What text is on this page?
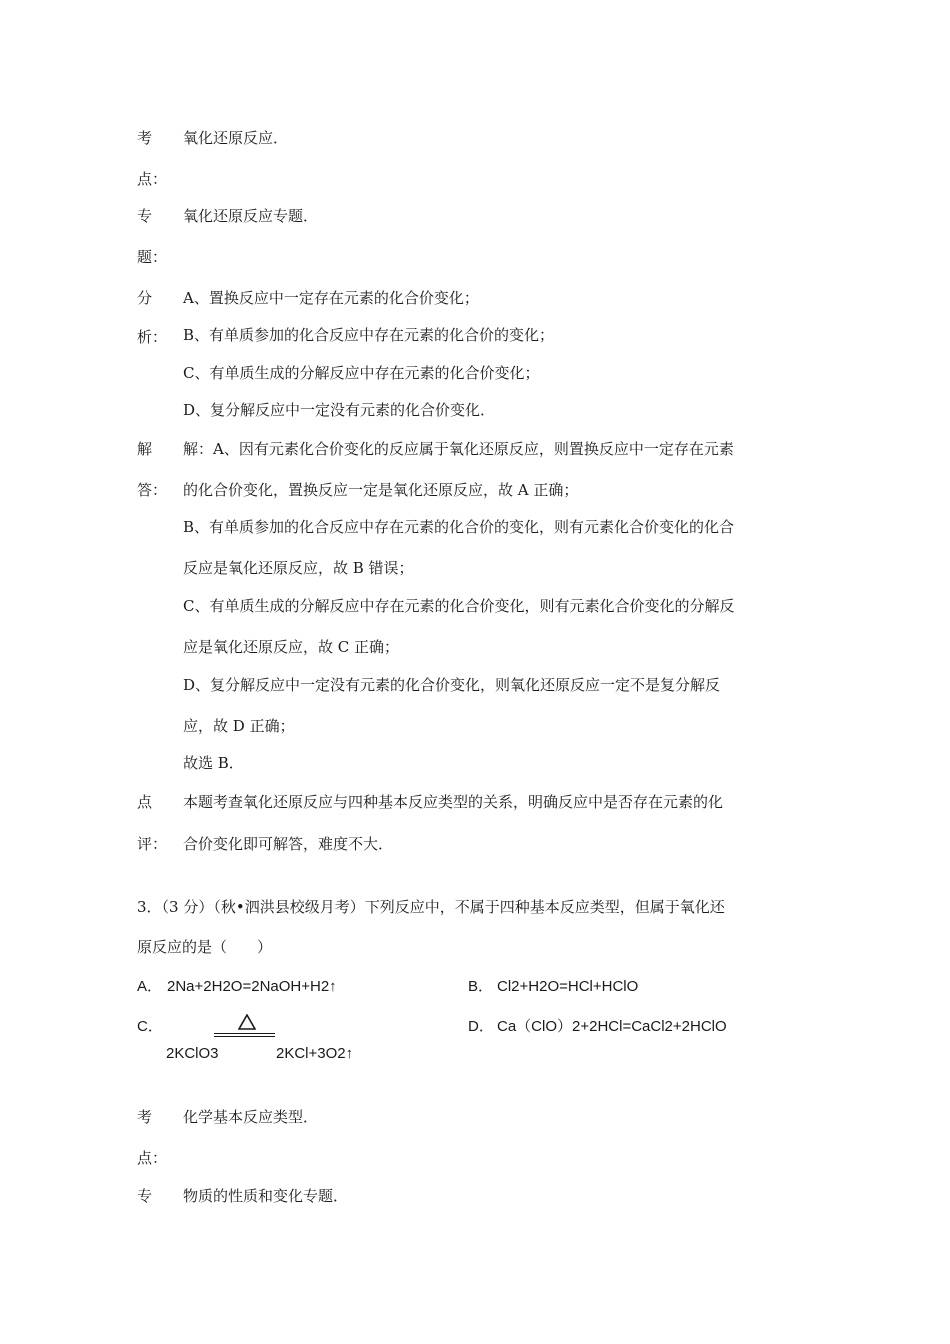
考 氧化还原反应．
点：
专 氧化还原反应专题．
题：
分
析：
A、置换反应中一定存在元素的化合价变化；
B、有单质参加的化合反应中存在元素的化合价的变化；
C、有单质生成的分解反应中存在元素的化合价变化；
D、复分解反应中一定没有元素的化合价变化．
解
答：
解：A、因有元素化合价变化的反应属于氧化还原反应，则置换反应中一定存在元素
的化合价变化，置换反应一定是氧化还原反应，故 A 正确；
B、有单质参加的化合反应中存在元素的化合价的变化，则有元素化合价变化的化合
反应是氧化还原反应，故 B 错误；
C、有单质生成的分解反应中存在元素的化合价变化，则有元素化合价变化的分解反
应是氧化还原反应，故 C 正确；
D、复分解反应中一定没有元素的化合价变化，则氧化还原反应一定不是复分解反
应，故 D 正确；
故选 B．
点
评：
本题考查氧化还原反应与四种基本反应类型的关系，明确反应中是否存在元素的化
合价变化即可解答，难度不大．
3．（3 分）（秋•泗洪县校级月考）下列反应中，不属于四种基本反应类型，但属于氧化还
原反应的是（　　）
A． 2Na+2H2O=2NaOH+H2↑	B． Cl2+H2O=HCl+HClO
C．
2KClO3	2KCl+3O2↑
D． Ca（ClO）2+2HCl=CaCl2+2HClO
考 化学基本反应类型．
点：
专 物质的性质和变化专题．
